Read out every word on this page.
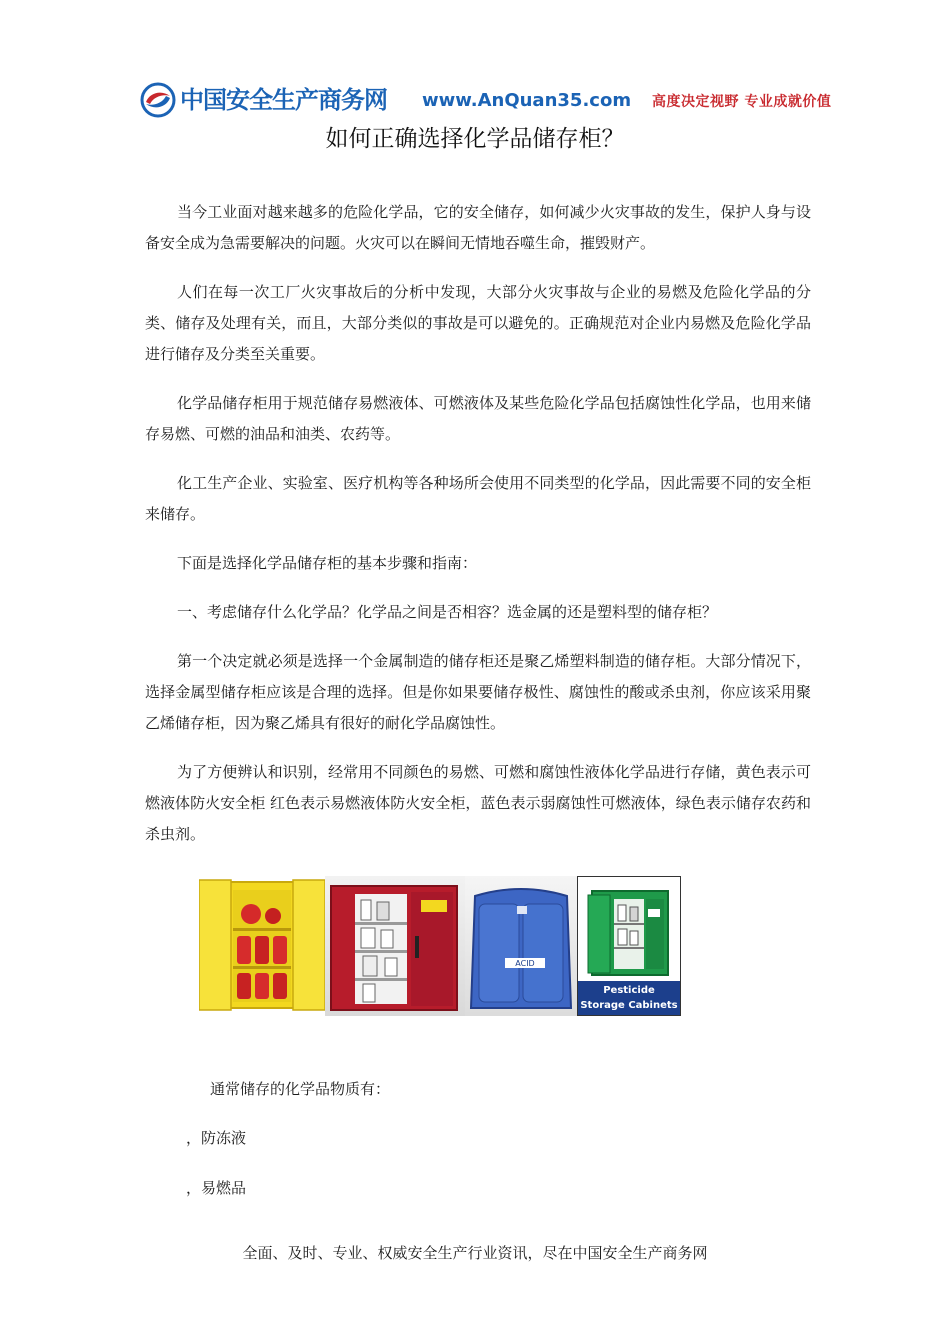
中国安全生产商务网 www.AnQuan35.com 高度决定视野 专业成就价值
如何正确选择化学品储存柜？

当今工业面对越来越多的危险化学品，它的安全储存，如何减少火灾事故的发生，保护人身与设备安全成为急需要解决的问题。火灾可以在瞬间无情地吞噬生命，摧毁财产。

人们在每一次工厂火灾事故后的分析中发现，大部分火灾事故与企业的易燃及危险化学品的分类、储存及处理有关，而且，大部分类似的事故是可以避免的。正确规范对企业内易燃及危险化学品进行储存及分类至关重要。

化学品储存柜用于规范储存易燃液体、可燃液体及某些危险化学品包括腐蚀性化学品，也用来储存易燃、可燃的油品和油类、农药等。

化工生产企业、实验室、医疗机构等各种场所会使用不同类型的化学品，因此需要不同的安全柜来储存。

下面是选择化学品储存柜的基本步骤和指南：

一、考虑储存什么化学品？化学品之间是否相容？选金属的还是塑料型的储存柜？

第一个决定就必须是选择一个金属制造的储存柜还是聚乙烯塑料制造的储存柜。大部分情况下，选择金属型储存柜应该是合理的选择。但是你如果要储存极性、腐蚀性的酸或杀虫剂，你应该采用聚乙烯储存柜，因为聚乙烯具有很好的耐化学品腐蚀性。

为了方便辨认和识别，经常用不同颜色的易燃、可燃和腐蚀性液体化学品进行存储，黄色表示可燃液体防火安全柜 红色表示易燃液体防火安全柜，蓝色表示弱腐蚀性可燃液体，绿色表示储存农药和杀虫剂。

ACID
Pesticide
Storage Cabinets

通常储存的化学品物质有：

，防冻液
，易燃品

全面、及时、专业、权威安全生产行业资讯，尽在中国安全生产商务网
